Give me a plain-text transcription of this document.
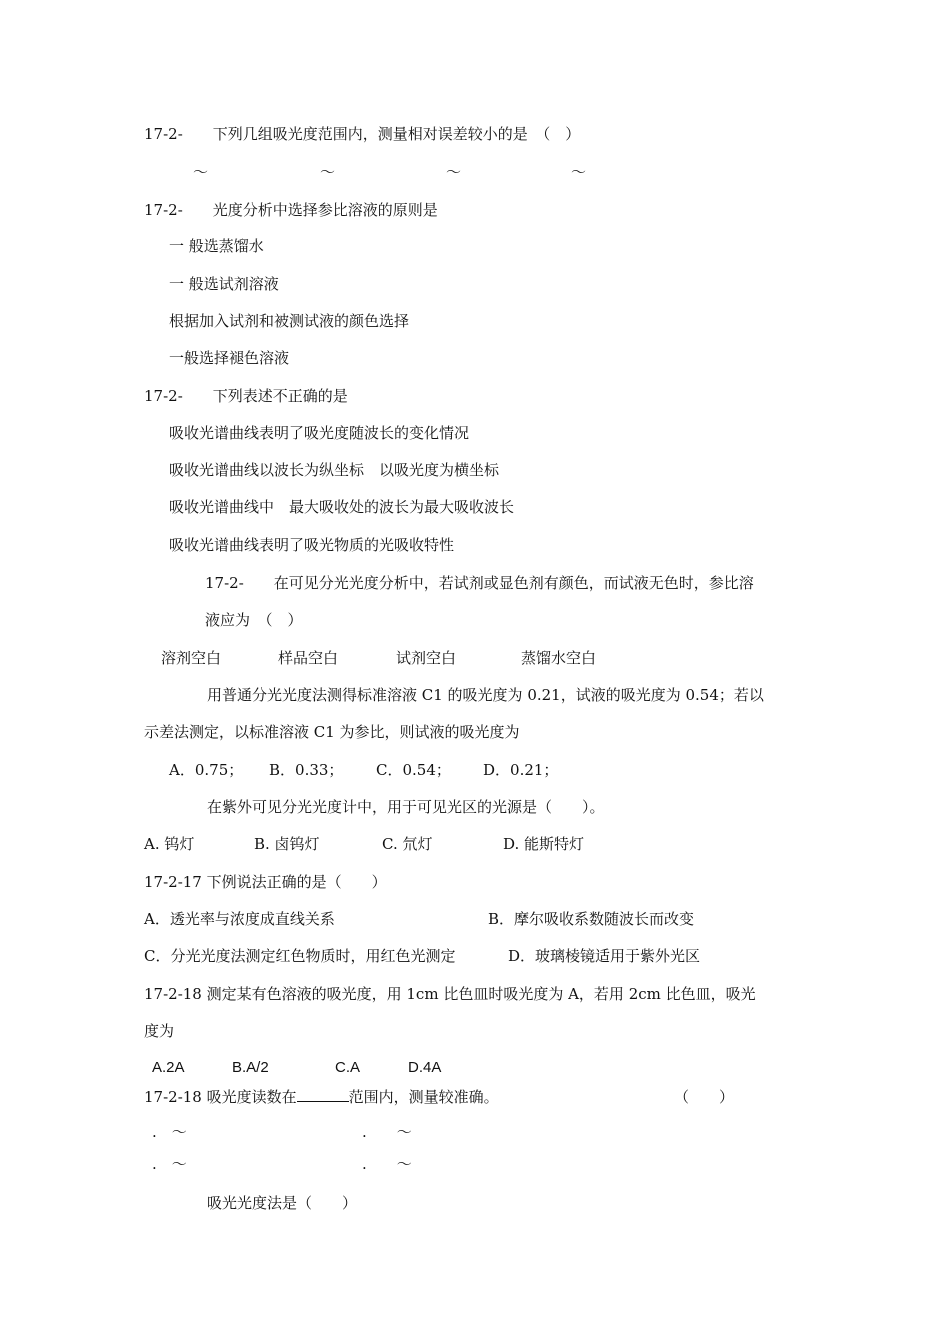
17-2-　　下列几组吸光度范围内，测量相对误差较小的是　（　）
～	～	～	～
17-2-　　光度分析中选择参比溶液的原则是
一 般选蒸馏水
一 般选试剂溶液
根据加入试剂和被测试液的颜色选择
一般选择褪色溶液
17-2-　　下列表述不正确的是
吸收光谱曲线表明了吸光度随波长的变化情况
吸收光谱曲线以波长为纵坐标　以吸光度为横坐标
吸收光谱曲线中　最大吸收处的波长为最大吸收波长
吸收光谱曲线表明了吸光物质的光吸收特性
17-2-　　在可见分光光度分析中，若试剂或显色剂有颜色，而试液无色时，参比溶
液应为　（　）
溶剂空白	样品空白	试剂空白	蒸馏水空白
用普通分光光度法测得标准溶液 C1 的吸光度为 0.21，试液的吸光度为 0.54；若以
示差法测定，以标准溶液 C1 为参比，则试液的吸光度为
A．0.75； B．0.33； C．0.54； D．0.21；
在紫外可见分光光度计中，用于可见光区的光源是（　　）。
A. 钨灯	B. 卤钨灯	C. 氘灯	D. 能斯特灯
17-2-17 下例说法正确的是（　　）
A．透光率与浓度成直线关系	B．摩尔吸收系数随波长而改变
C．分光光度法测定红色物质时，用红色光测定	D．玻璃棱镜适用于紫外光区
17-2-18 测定某有色溶液的吸光度，用 1cm 比色皿时吸光度为 A，若用 2cm 比色皿，吸光
度为
A.2A	B.A/2	C.A	D.4A
17-2-18 吸光度读数在	范围内，测量较准确。	（　　）
.　～	.　　～
.　～	.　　～
吸光光度法是（　　）
